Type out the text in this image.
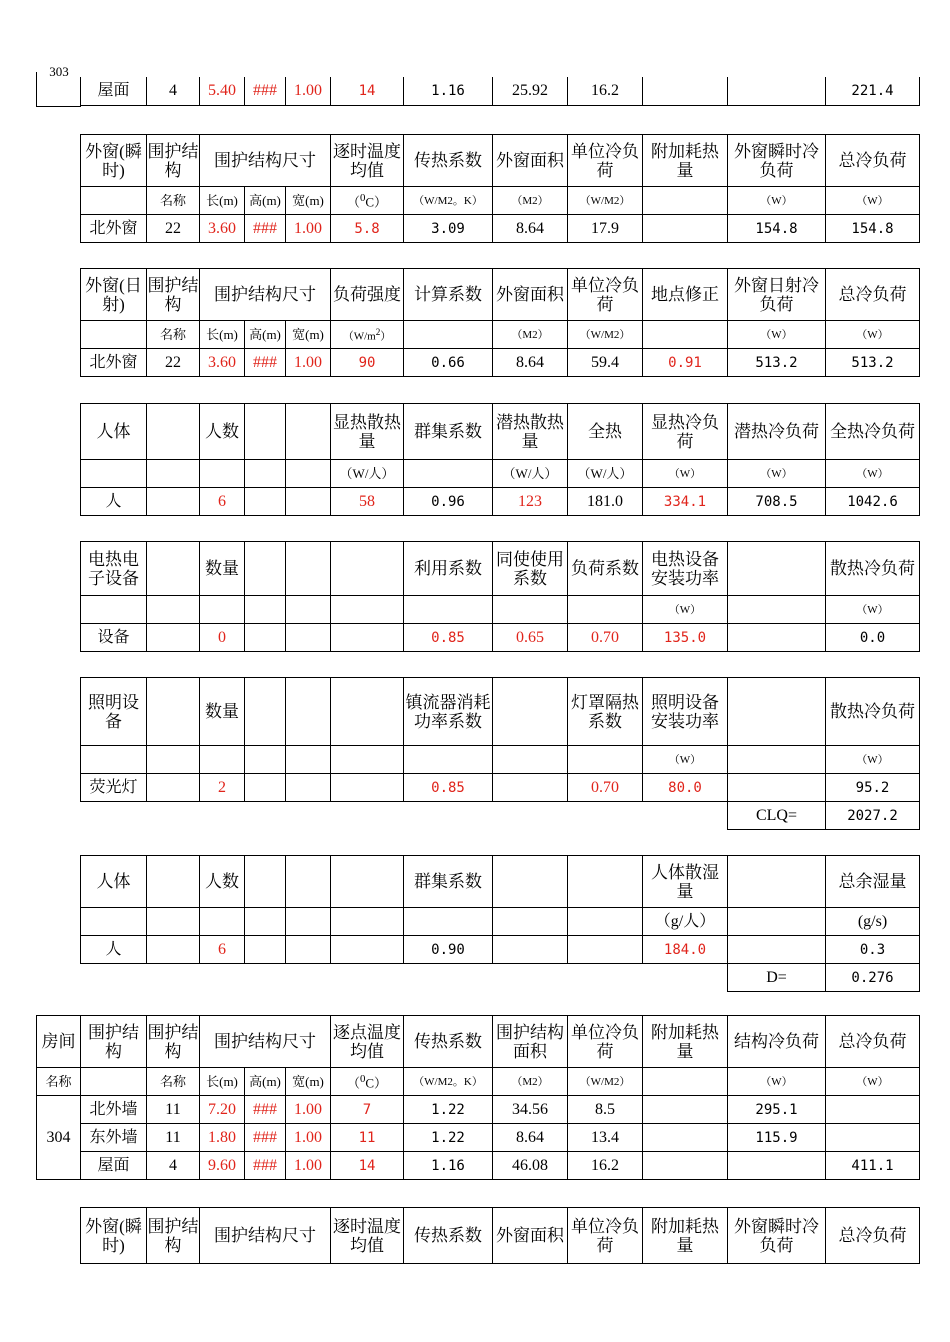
303
屋面	4	5.40	###	1.00	14	1.16	25.92	16.2			221.4
外窗(瞬时)	围护结构	围护结构尺寸			逐时温度均值	传热系数	外窗面积	单位冷负荷	附加耗热量	外窗瞬时冷负荷	总冷负荷
	名称	长(m)	高(m)	宽(m)	（$^0$C）	（W/M2。K）	（M2）	（W/M2）		（W）	（W）
北外窗	22	3.60	###	1.00	5.8	3.09	8.64	17.9		154.8	154.8
外窗(日射)	围护结构	围护结构尺寸			负荷强度	计算系数	外窗面积	单位冷负荷	地点修正	外窗日射冷负荷	总冷负荷
	名称	长(m)	高(m)	宽(m)	$(W/m^2)$		（M2）	（W/M2）		（W）	（W）
北外窗	22	3.60	###	1.00	90	0.66	8.64	59.4	0.91	513.2	513.2
人体		人数			显热散热量	群集系数	潜热散热量	全热	显热冷负荷	潜热冷负荷	全热冷负荷
					（W/人）		（W/人）	（W/人）	（W）	（W）	（W）
人		6			58	0.96	123	181.0	334.1	708.5	1042.6
电热电子设备		数量				利用系数	同使使用系数	负荷系数	电热设备安装功率		散热冷负荷
									（W）		（W）
设备		0				0.85	0.65	0.70	135.0		0.0
照明设备		数量				镇流器消耗功率系数		灯罩隔热系数	照明设备安装功率		散热冷负荷
									（W）		（W）
荧光灯		2				0.85		0.70	80.0		95.2
										CLQ=	2027.2
人体		人数				群集系数			人体散湿量		总余湿量
									（g/人）		(g/s)
人		6				0.90			184.0		0.3
										D=	0.276
房间	围护结构	围护结构	围护结构尺寸			逐点温度均值	传热系数	围护结构面积	单位冷负荷	附加耗热量	结构冷负荷	总冷负荷
名称		名称	长(m)	高(m)	宽(m)	（$^0$C）	（W/M2。K）	（M2）	（W/M2）		（W）	（W）
304	北外墙	11	7.20	###	1.00	7	1.22	34.56	8.5		295.1	
	东外墙	11	1.80	###	1.00	11	1.22	8.64	13.4		115.9	
	屋面	4	9.60	###	1.00	14	1.16	46.08	16.2			411.1
外窗(瞬时)	围护结构	围护结构尺寸	逐时温度均值	传热系数	外窗面积	单位冷负荷	附加耗热量	外窗瞬时冷负荷	总冷负荷
